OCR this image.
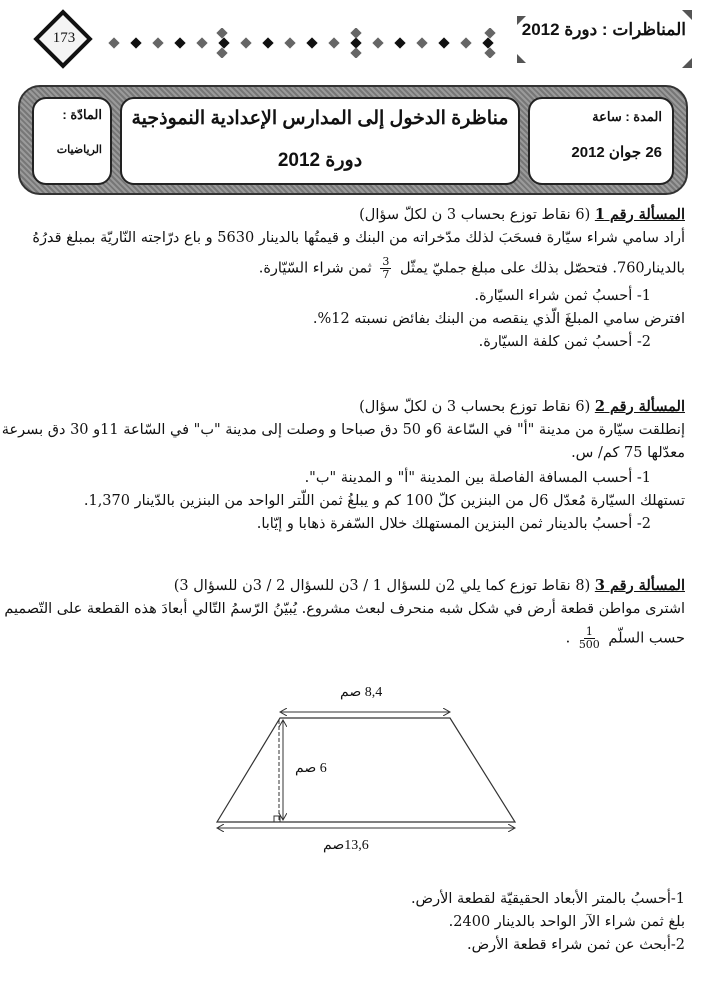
173	المناظرات : دورة 2012
المادّة :
الرياضيات
مناظرة الدخول إلى المدارس الإعدادية النموذجية
دورة 2012
المدة : ساعة
26 جوان 2012
المسألة رقم 1 (6 نقاط توزع بحساب 3 ن لكلّ سؤال)
أراد سامي شراء سيّارة فسحَبَ لذلك مدّخراته من البنك و قيمتُها بالدينار 5630 و باع درّاجته النّاريّة بمبلغ قدرُهُ
بالدينار760. فتحصّل بذلك على مبلغ جمليّ يمثّل
$\frac{3}{7}$
ثمن شراء السّيّارة.
1- أحسبُ ثمن شراء السيّارة.
افترض سامي المبلغَ الّذي ينقصه من البنك بفائض نسبته 12%.
2- أحسبُ ثمن كلفة السيّارة.
المسألة رقم 2 (6 نقاط توزع بحساب 3 ن لكلّ سؤال)
إنطلقت سيّارة من مدينة "أ" في السّاعة 6و 50 دق صباحا و وصلت إلى مدينة "ب" في السّاعة 11و 30 دق بسرعة
معدّلها 75 كم/ س.
1- أحسب المسافة الفاصلة بين المدينة "أ" و المدينة "ب".
تستهلك السيّارة مُعدّل 6ل من البنزين كلّ 100 كم و يبلغُ ثمن اللّتر الواحد من البنزين بالدّينار 1,370.
2- أحسبُ بالدينار ثمن البنزين المستهلك خلال السّفرة ذهابا و إيّابا.
المسألة رقم 3 (8 نقاط توزع كما يلي 2ن للسؤال 1 / 3ن للسؤال 2 / 3ن للسؤال 3)
اشترى مواطن قطعة أرض في شكل شبه منحرف لبعث مشروع. يُبيّنُ الرّسمُ التّالي أبعادَ هذه القطعة على التّصميم
حسب السلّم
$\frac{1}{500}$
.
8,4 صم
6 صم
13,6صم
1-أحسبُ بالمتر الأبعاد الحقيقيّة لقطعة الأرض.
بلغ ثمن شراء الآر الواحد بالدينار 2400.
2-أبحث عن ثمن شراء قطعة الأرض.
